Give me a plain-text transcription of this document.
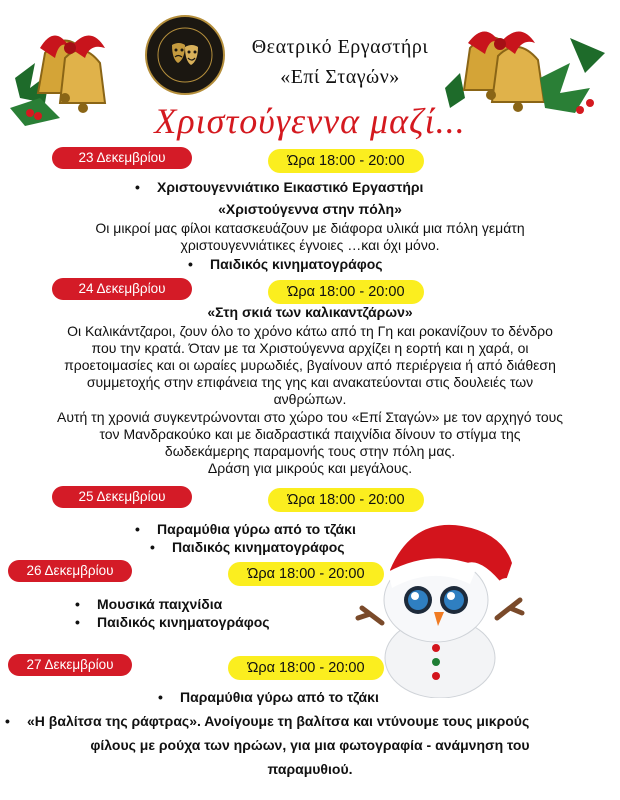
Θεατρικό Εργαστήρι
«Επί Σταγών»
Χριστούγεννα μαζί...
23 Δεκεμβρίου	Ώρα 18:00 - 20:00
• Χριστουγεννιάτικο Εικαστικό Εργαστήρι
«Χριστούγεννα στην πόλη»
Οι μικροί μας φίλοι κατασκευάζουν με διάφορα υλικά μια πόλη γεμάτη
χριστουγεννιάτικες έγνοιες …και όχι μόνο.
• Παιδικός κινηματογράφος
24 Δεκεμβρίου	Ώρα 18:00 - 20:00
«Στη σκιά των καλικαντζάρων»
Οι Καλικάντζαροι, ζουν όλο το χρόνο κάτω από τη Γη και ροκανίζουν το δένδρο
που την κρατά. Όταν με τα Χριστούγεννα αρχίζει η εορτή και η χαρά, οι
προετοιμασίες και οι ωραίες μυρωδιές, βγαίνουν από περιέργεια ή από διάθεση
συμμετοχής στην επιφάνεια της γης και ανακατεύονται στις δουλειές των
ανθρώπων.
Αυτή τη χρονιά συγκεντρώνονται στο χώρο του «Επί Σταγών» με τον αρχηγό τους
τον Μανδρακούκο και με διαδραστικά παιχνίδια δίνουν το στίγμα της
δωδεκάμερης παραμονής τους στην πόλη μας.
Δράση για μικρούς και μεγάλους.
25 Δεκεμβρίου	Ώρα 18:00 - 20:00
• Παραμύθια γύρω από το τζάκι
• Παιδικός κινηματογράφος
26 Δεκεμβρίου	Ώρα 18:00 - 20:00
• Μουσικά παιχνίδια
• Παιδικός κινηματογράφος
27 Δεκεμβρίου	Ώρα 18:00 - 20:00
• Παραμύθια γύρω από το τζάκι
• «Η βαλίτσα της ράφτρας». Ανοίγουμε τη βαλίτσα και ντύνουμε τους μικρούς
φίλους με ρούχα των ηρώων, για μια φωτογραφία - ανάμνηση του
παραμυθιού.
